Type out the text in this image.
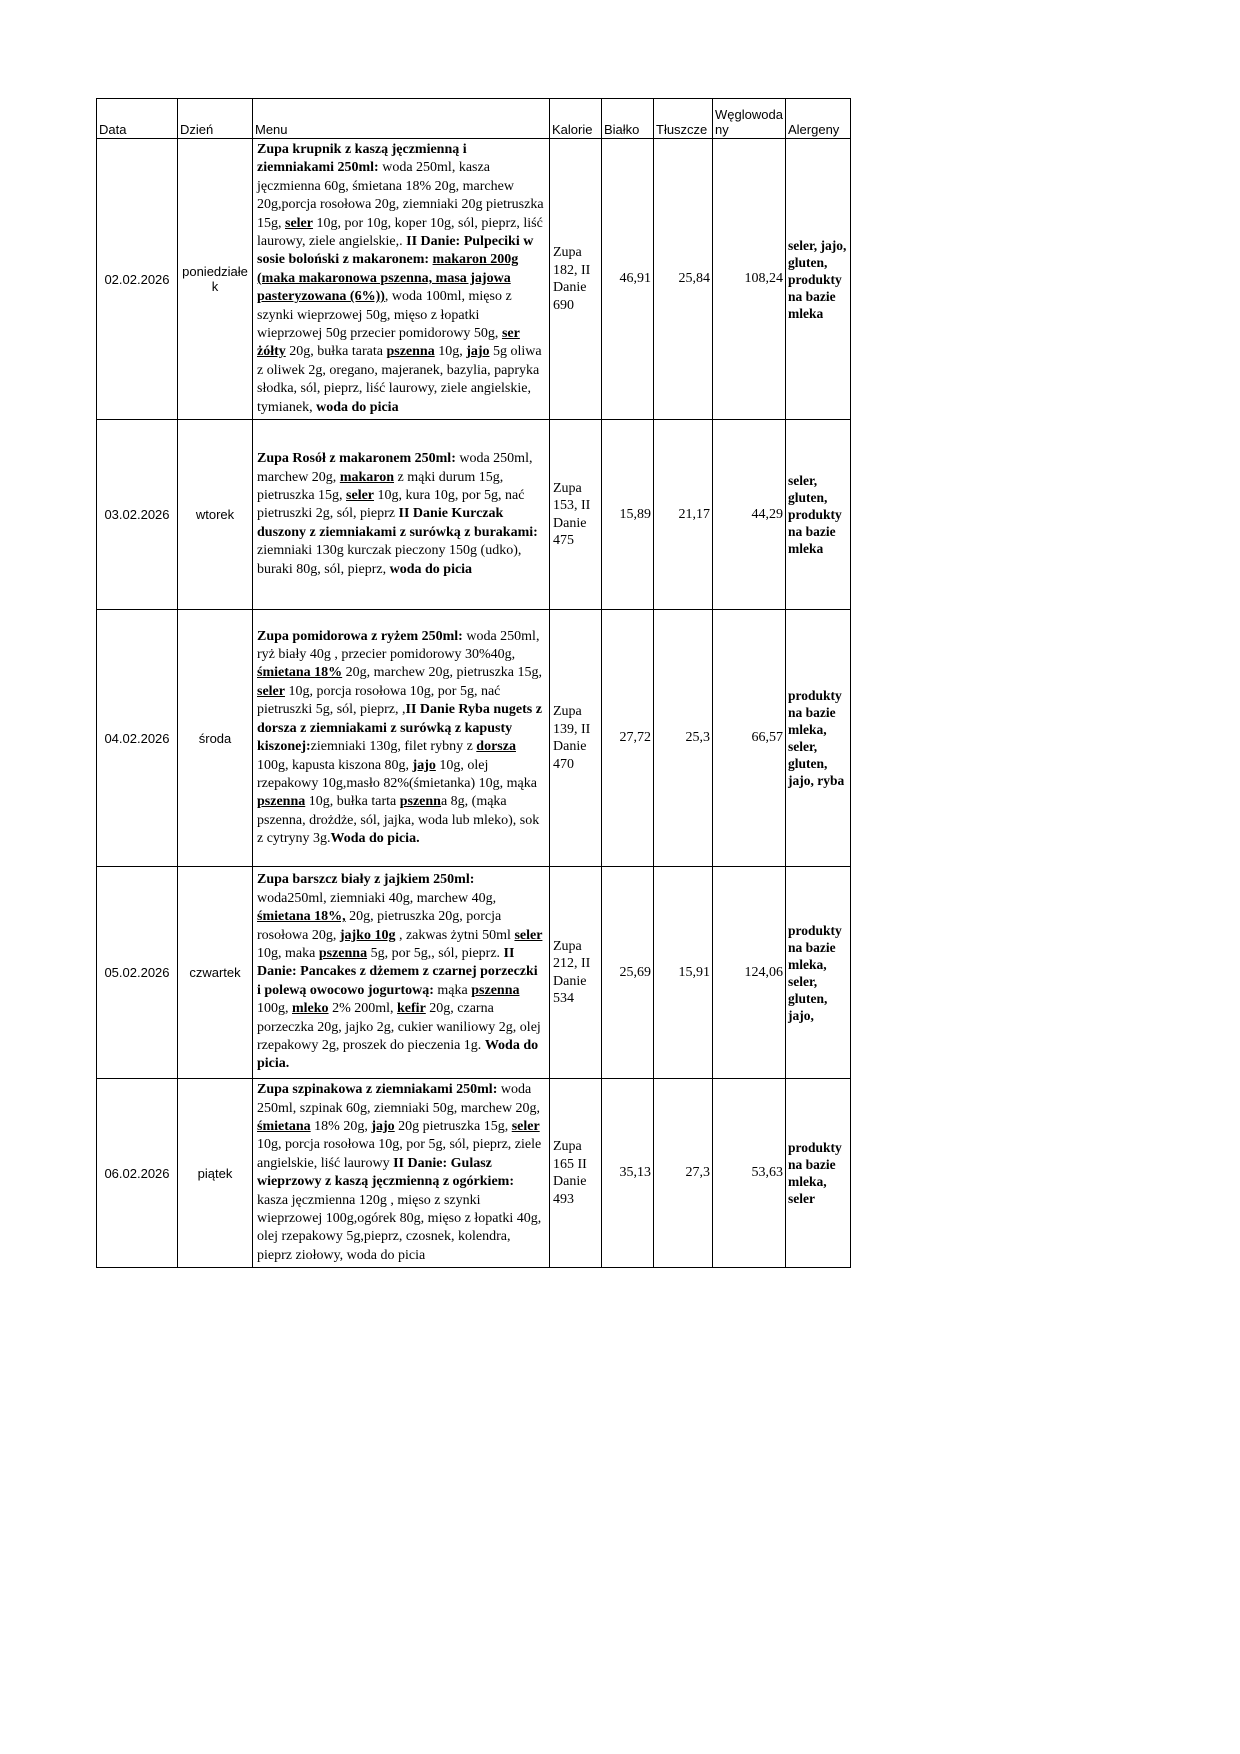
Data	Dzień	Menu	Kalorie	Białko	Tłuszcze	Węglowodany	Alergeny
02.02.2026	poniedziałek	Zupa krupnik z kaszą jęczmienną i ziemniakami 250ml: woda 250ml, kasza jęczmienna 60g, śmietana 18% 20g, marchew 20g,porcja rosołowa 20g, ziemniaki 20g pietruszka 15g, seler 10g, por 10g, koper 10g, sól, pieprz, liść laurowy, ziele angielskie,. II Danie: Pulpeciki w sosie boloński z makaronem: makaron 200g (maka makaronowa pszenna, masa jajowa pasteryzowana (6%)), woda 100ml, mięso z szynki wieprzowej 50g, mięso z łopatki wieprzowej 50g przecier pomidorowy 50g, ser żółty 20g, bułka tarata pszenna 10g, jajo 5g oliwa z oliwek 2g, oregano, majeranek, bazylia, papryka słodka, sól, pieprz, liść laurowy, ziele angielskie, tymianek, woda do picia	Zupa 182, II Danie 690	46,91	25,84	108,24	seler, jajo, gluten, produkty na bazie mleka
03.02.2026	wtorek	Zupa Rosół z makaronem 250ml: woda 250ml, marchew 20g, makaron z mąki durum 15g, pietruszka 15g, seler 10g, kura 10g, por 5g, nać pietruszki 2g, sól, pieprz II Danie Kurczak duszony z ziemniakami z surówką z burakami: ziemniaki 130g kurczak pieczony 150g (udko), buraki 80g, sól, pieprz, woda do picia	Zupa 153, II Danie 475	15,89	21,17	44,29	seler, gluten, produkty na bazie mleka
04.02.2026	środa	Zupa pomidorowa z ryżem 250ml: woda 250ml, ryż biały 40g , przecier pomidorowy 30%40g, śmietana 18% 20g, marchew 20g, pietruszka 15g, seler 10g, porcja rosołowa 10g, por 5g, nać pietruszki 5g, sól, pieprz, ,II Danie Ryba nugets z dorsza z ziemniakami z surówką z kapusty kiszonej:ziemniaki 130g, filet rybny z dorsza 100g, kapusta kiszona 80g, jajo 10g, olej rzepakowy 10g,masło 82%(śmietanka) 10g, mąka pszenna 10g, bułka tarta pszenna 8g, (mąka pszenna, drożdże, sól, jajka, woda lub mleko), sok z cytryny 3g.Woda do picia.	Zupa 139, II Danie 470	27,72	25,3	66,57	produkty na bazie mleka, seler, gluten, jajo, ryba
05.02.2026	czwartek	Zupa barszcz biały z jajkiem 250ml: woda250ml, ziemniaki 40g, marchew 40g, śmietana 18%, 20g, pietruszka 20g, porcja rosołowa 20g, jajko 10g , zakwas żytni 50ml seler 10g, maka pszenna 5g, por 5g,, sól, pieprz. II Danie: Pancakes z dżemem z czarnej porzeczki i polewą owocowo jogurtową: mąka pszenna 100g, mleko 2% 200ml, kefir 20g, czarna porzeczka 20g, jajko 2g, cukier waniliowy 2g, olej rzepakowy 2g, proszek do pieczenia 1g. Woda do picia.	Zupa 212, II Danie 534	25,69	15,91	124,06	produkty na bazie mleka, seler, gluten, jajo,
06.02.2026	piątek	Zupa szpinakowa z ziemniakami 250ml: woda 250ml, szpinak 60g, ziemniaki 50g, marchew 20g, śmietana 18% 20g, jajo 20g pietruszka 15g, seler 10g, porcja rosołowa 10g, por 5g, sól, pieprz, ziele angielskie, liść laurowy II Danie: Gulasz wieprzowy z kaszą jęczmienną z ogórkiem: kasza jęczmienna 120g , mięso z szynki wieprzowej 100g,ogórek 80g, mięso z łopatki 40g, olej rzepakowy 5g,pieprz, czosnek, kolendra, pieprz ziołowy, woda do picia	Zupa 165 II Danie 493	35,13	27,3	53,63	produkty na bazie mleka, seler
